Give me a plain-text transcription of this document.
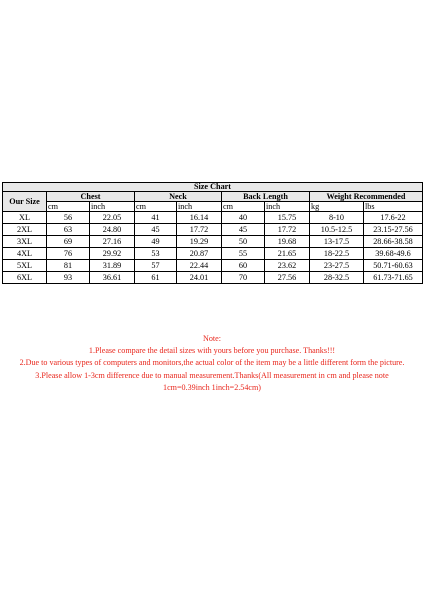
Size Chart								
Our Size	Chest		Neck		Back Length		Weight Recommended	
	cm	inch	cm	inch	cm	inch	kg	lbs
XL	56	22.05	41	16.14	40	15.75	8-10	17.6-22
2XL	63	24.80	45	17.72	45	17.72	10.5-12.5	23.15-27.56
3XL	69	27.16	49	19.29	50	19.68	13-17.5	28.66-38.58
4XL	76	29.92	53	20.87	55	21.65	18-22.5	39.68-49.6
5XL	81	31.89	57	22.44	60	23.62	23-27.5	50.71-60.63
6XL	93	36.61	61	24.01	70	27.56	28-32.5	61.73-71.65
Note:
1.Please compare the detail sizes with yours before you purchase. Thanks!!!
2.Due to various types of computers and monitors,the actual color of the item may be a little different form the picture.
3.Please allow 1-3cm difference due to manual measurement.Thanks(All measurement in cm and please note
1cm=0.39inch 1inch=2.54cm)
